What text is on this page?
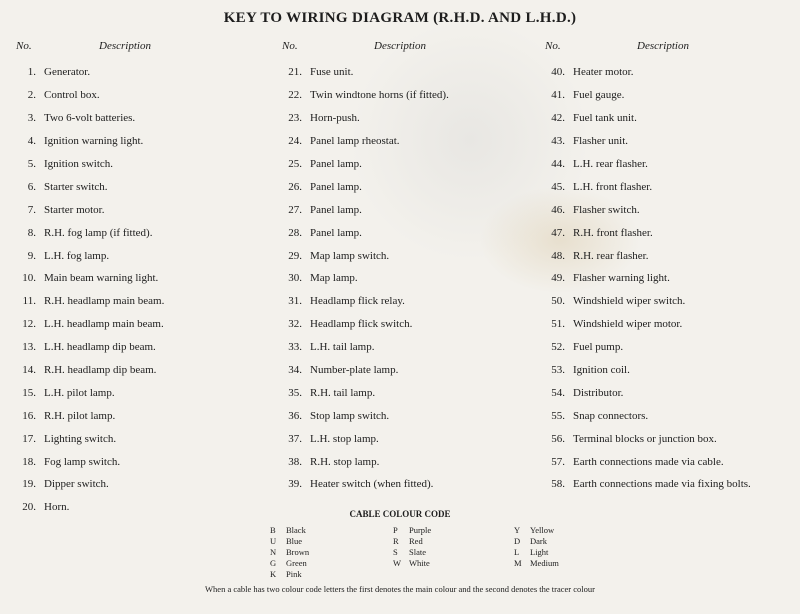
KEY TO WIRING DIAGRAM (R.H.D. AND L.H.D.)
No.	Description
1. Generator.
2. Control box.
3. Two 6-volt batteries.
4. Ignition warning light.
5. Ignition switch.
6. Starter switch.
7. Starter motor.
8. R.H. fog lamp (if fitted).
9. L.H. fog lamp.
10. Main beam warning light.
11. R.H. headlamp main beam.
12. L.H. headlamp main beam.
13. L.H. headlamp dip beam.
14. R.H. headlamp dip beam.
15. L.H. pilot lamp.
16. R.H. pilot lamp.
17. Lighting switch.
18. Fog lamp switch.
19. Dipper switch.
20. Horn.
No.	Description
21. Fuse unit.
22. Twin windtone horns (if fitted).
23. Horn-push.
24. Panel lamp rheostat.
25. Panel lamp.
26. Panel lamp.
27. Panel lamp.
28. Panel lamp.
29. Map lamp switch.
30. Map lamp.
31. Headlamp flick relay.
32. Headlamp flick switch.
33. L.H. tail lamp.
34. Number-plate lamp.
35. R.H. tail lamp.
36. Stop lamp switch.
37. L.H. stop lamp.
38. R.H. stop lamp.
39. Heater switch (when fitted).
No.	Description
40. Heater motor.
41. Fuel gauge.
42. Fuel tank unit.
43. Flasher unit.
44. L.H. rear flasher.
45. L.H. front flasher.
46. Flasher switch.
47. R.H. front flasher.
48. R.H. rear flasher.
49. Flasher warning light.
50. Windshield wiper switch.
51. Windshield wiper motor.
52. Fuel pump.
53. Ignition coil.
54. Distributor.
55. Snap connectors.
56. Terminal blocks or junction box.
57. Earth connections made via cable.
58. Earth connections made via fixing bolts.
CABLE COLOUR CODE
B	Black
U	Blue
N	Brown
G	Green
K	Pink
P	Purple
R	Red
S	Slate
W White
Y	Yellow
D	Dark
L	Light
M Medium
When a cable has two colour code letters the first denotes the main colour and the second denotes the tracer colour
